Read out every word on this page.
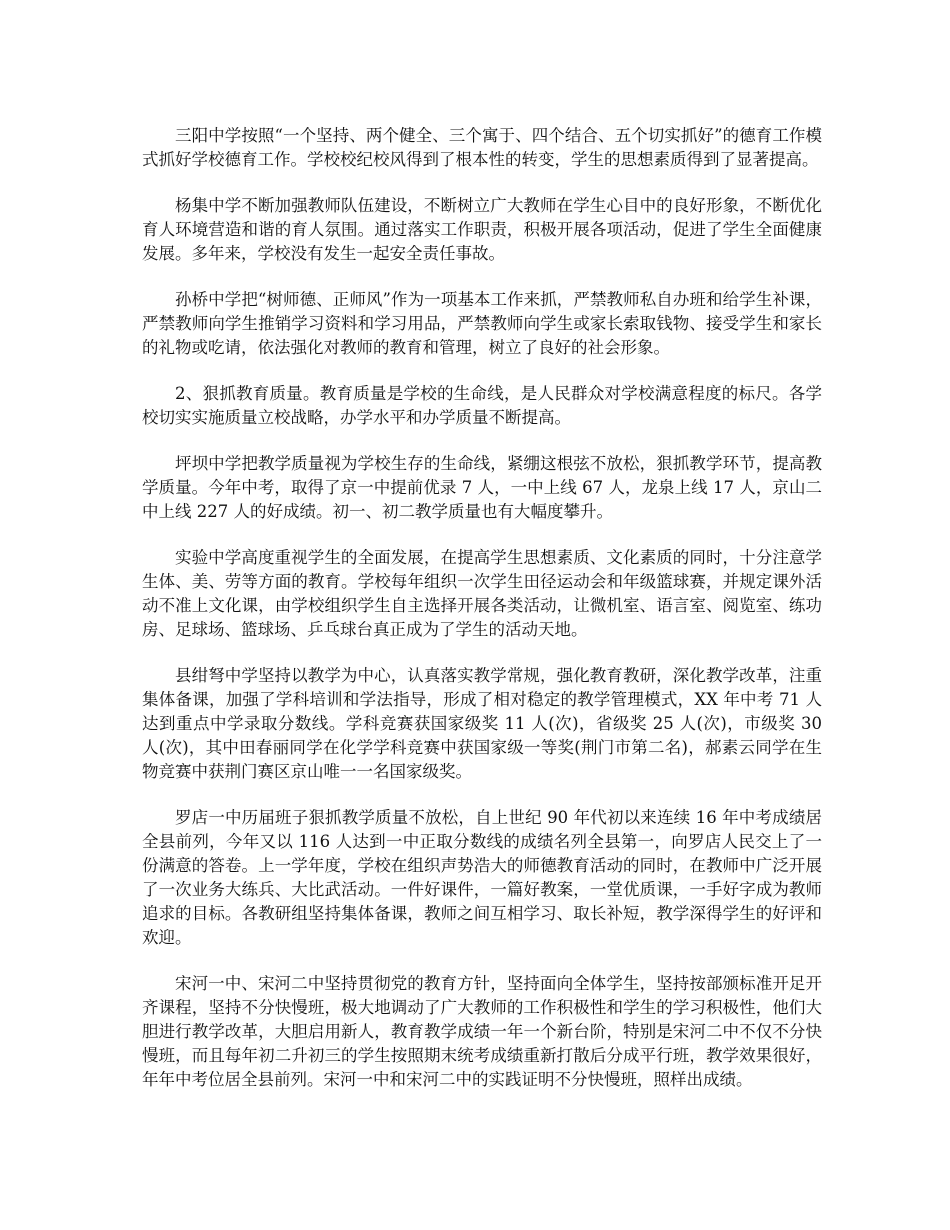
三阳中学按照“一个坚持、两个健全、三个寓于、四个结合、五个切实抓好”的德育工作模式抓好学校德育工作。学校校纪校风得到了根本性的转变，学生的思想素质得到了显著提高。

杨集中学不断加强教师队伍建设，不断树立广大教师在学生心目中的良好形象，不断优化育人环境营造和谐的育人氛围。通过落实工作职责，积极开展各项活动，促进了学生全面健康发展。多年来，学校没有发生一起安全责任事故。

孙桥中学把“树师德、正师风”作为一项基本工作来抓，严禁教师私自办班和给学生补课，严禁教师向学生推销学习资料和学习用品，严禁教师向学生或家长索取钱物、接受学生和家长的礼物或吃请，依法强化对教师的教育和管理，树立了良好的社会形象。

2、狠抓教育质量。教育质量是学校的生命线，是人民群众对学校满意程度的标尺。各学校切实实施质量立校战略，办学水平和办学质量不断提高。

坪坝中学把教学质量视为学校生存的生命线，紧绷这根弦不放松，狠抓教学环节，提高教学质量。今年中考，取得了京一中提前优录 7 人，一中上线 67 人，龙泉上线 17 人，京山二中上线 227 人的好成绩。初一、初二教学质量也有大幅度攀升。

实验中学高度重视学生的全面发展，在提高学生思想素质、文化素质的同时，十分注意学生体、美、劳等方面的教育。学校每年组织一次学生田径运动会和年级篮球赛，并规定课外活动不准上文化课，由学校组织学生自主选择开展各类活动，让微机室、语言室、阅览室、练功房、足球场、篮球场、乒乓球台真正成为了学生的活动天地。

县绀弩中学坚持以教学为中心，认真落实教学常规，强化教育教研，深化教学改革，注重集体备课，加强了学科培训和学法指导，形成了相对稳定的教学管理模式，XX 年中考 71 人达到重点中学录取分数线。学科竞赛获国家级奖 11 人(次)，省级奖 25 人(次)，市级奖 30 人(次)，其中田春丽同学在化学学科竞赛中获国家级一等奖(荆门市第二名)，郝素云同学在生物竞赛中获荆门赛区京山唯一一名国家级奖。

罗店一中历届班子狠抓教学质量不放松，自上世纪 90 年代初以来连续 16 年中考成绩居全县前列，今年又以 116 人达到一中正取分数线的成绩名列全县第一，向罗店人民交上了一份满意的答卷。上一学年度，学校在组织声势浩大的师德教育活动的同时，在教师中广泛开展了一次业务大练兵、大比武活动。一件好课件，一篇好教案，一堂优质课，一手好字成为教师追求的目标。各教研组坚持集体备课，教师之间互相学习、取长补短，教学深得学生的好评和欢迎。

宋河一中、宋河二中坚持贯彻党的教育方针，坚持面向全体学生，坚持按部颁标准开足开齐课程，坚持不分快慢班，极大地调动了广大教师的工作积极性和学生的学习积极性，他们大胆进行教学改革，大胆启用新人，教育教学成绩一年一个新台阶，特别是宋河二中不仅不分快慢班，而且每年初二升初三的学生按照期末统考成绩重新打散后分成平行班，教学效果很好，年年中考位居全县前列。宋河一中和宋河二中的实践证明不分快慢班，照样出成绩。
